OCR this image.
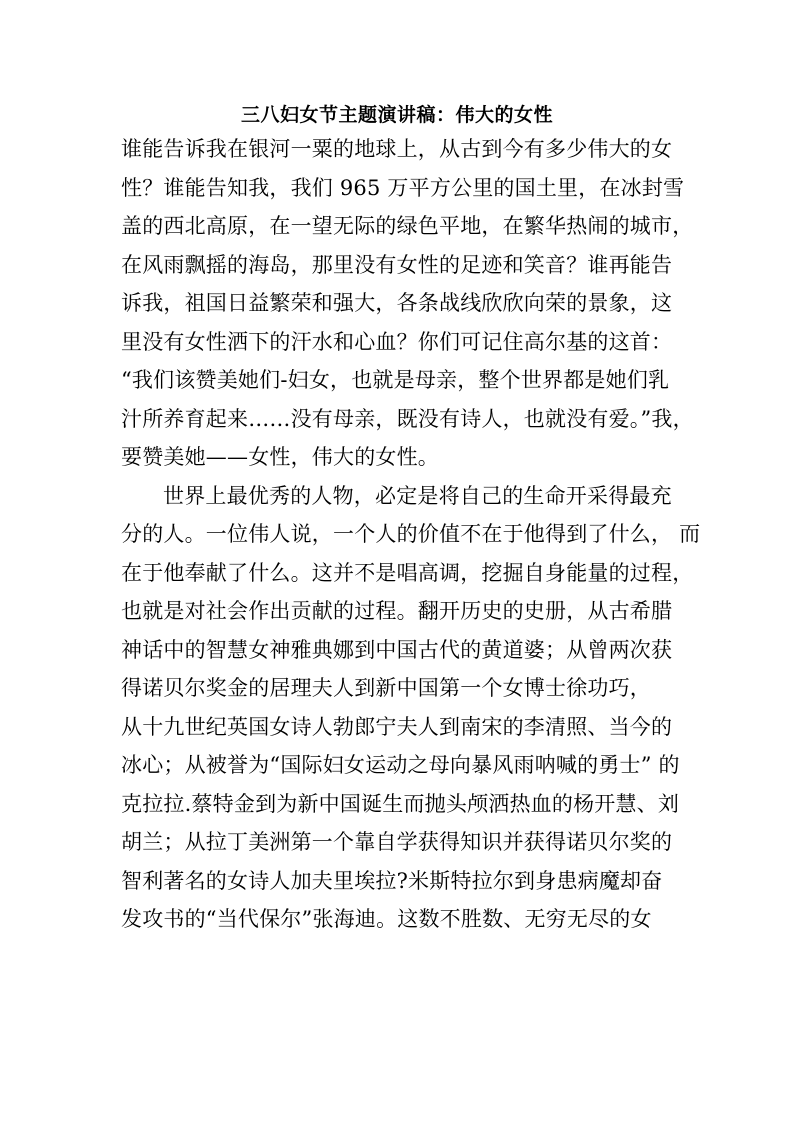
三八妇女节主题演讲稿：伟大的女性
谁能告诉我在银河一粟的地球上，从古到今有多少伟大的女
性？谁能告知我，我们 965 万平方公里的国土里，在冰封雪
盖的西北高原，在一望无际的绿色平地，在繁华热闹的城市，
在风雨飘摇的海岛，那里没有女性的足迹和笑音？谁再能告
诉我，祖国日益繁荣和强大，各条战线欣欣向荣的景象，这
里没有女性洒下的汗水和心血？你们可记住高尔基的这首：
“我们该赞美她们-妇女，也就是母亲，整个世界都是她们乳
汁所养育起来……没有母亲，既没有诗人，也就没有爱。”我，
要赞美她——女性，伟大的女性。
世界上最优秀的人物，必定是将自己的生命开采得最充
分的人。一位伟人说，一个人的价值不在于他得到了什么， 而
在于他奉献了什么。这并不是唱高调，挖掘自身能量的过程，
也就是对社会作出贡献的过程。翻开历史的史册，从古希腊
神话中的智慧女神雅典娜到中国古代的黄道婆；从曾两次获
得诺贝尔奖金的居理夫人到新中国第一个女博士徐功巧，
从十九世纪英国女诗人勃郎宁夫人到南宋的李清照、当今的
冰心；从被誉为“国际妇女运动之母向暴风雨呐喊的勇士” 的
克拉拉.蔡特金到为新中国诞生而抛头颅洒热血的杨开慧、刘
胡兰；从拉丁美洲第一个靠自学获得知识并获得诺贝尔奖的
智利著名的女诗人加夫里埃拉?米斯特拉尔到身患病魔却奋
发攻书的“当代保尔”张海迪。这数不胜数、无穷无尽的女
